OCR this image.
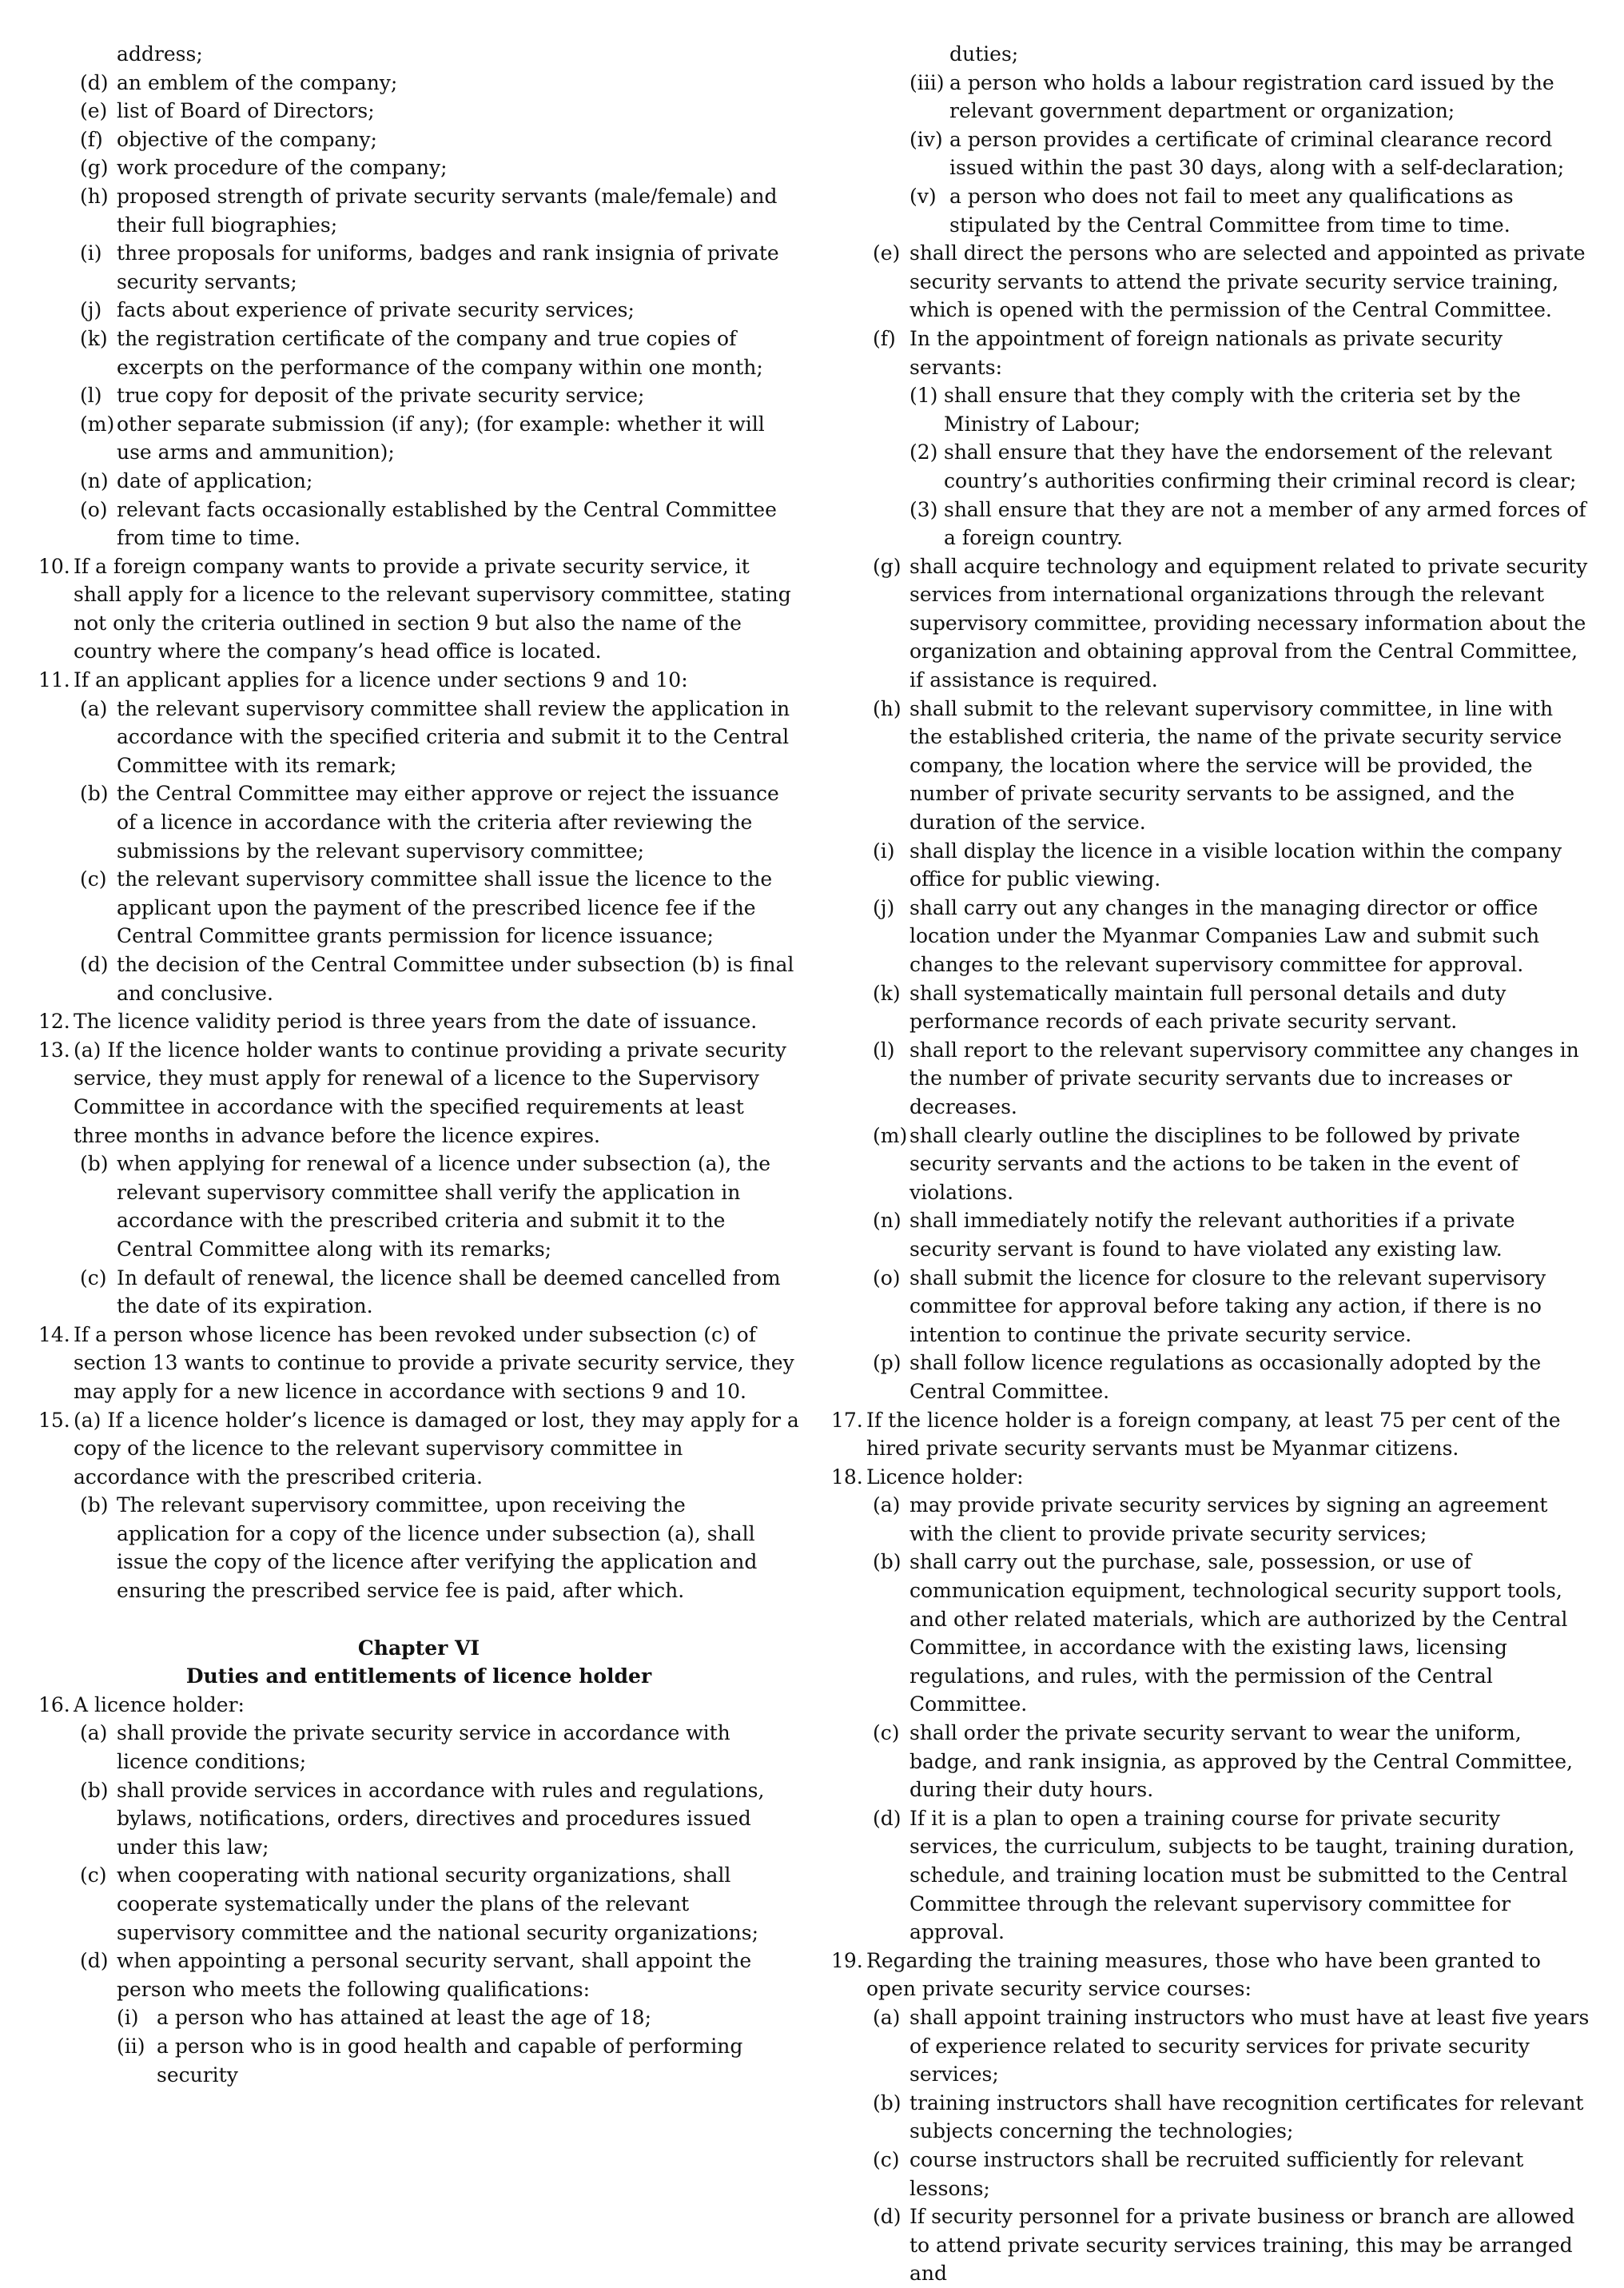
address;
(d) an emblem of the company;
(e) list of Board of Directors;
(f) objective of the company;
(g) work procedure of the company;
(h) proposed strength of private security servants (male/female) and their full biographies;
(i) three proposals for uniforms, badges and rank insignia of private security servants;
(j) facts about experience of private security services;
(k) the registration certificate of the company and true copies of excerpts on the performance of the company within one month;
(l) true copy for deposit of the private security service;
(m) other separate submission (if any); (for example: whether it will use arms and ammunition);
(n) date of application;
(o) relevant facts occasionally established by the Central Committee from time to time.
10. If a foreign company wants to provide a private security service, it shall apply for a licence to the relevant supervisory committee, stating not only the criteria outlined in section 9 but also the name of the country where the company’s head office is located.
11. If an applicant applies for a licence under sections 9 and 10:
(a) the relevant supervisory committee shall review the application in accordance with the specified criteria and submit it to the Central Committee with its remark;
(b) the Central Committee may either approve or reject the issuance of a licence in accordance with the criteria after reviewing the submissions by the relevant supervisory committee;
(c) the relevant supervisory committee shall issue the licence to the applicant upon the payment of the prescribed licence fee if the Central Committee grants permission for licence issuance;
(d) the decision of the Central Committee under subsection (b) is final and conclusive.
12. The licence validity period is three years from the date of issuance.
13. (a) If the licence holder wants to continue providing a private security service, they must apply for renewal of a licence to the Supervisory Committee in accordance with the specified requirements at least three months in advance before the licence expires.
(b) when applying for renewal of a licence under subsection (a), the relevant supervisory committee shall verify the application in accordance with the prescribed criteria and submit it to the Central Committee along with its remarks;
(c) In default of renewal, the licence shall be deemed cancelled from the date of its expiration.
14. If a person whose licence has been revoked under subsection (c) of section 13 wants to continue to provide a private security service, they may apply for a new licence in accordance with sections 9 and 10.
15. (a) If a licence holder’s licence is damaged or lost, they may apply for a copy of the licence to the relevant supervisory committee in accordance with the prescribed criteria.
(b) The relevant supervisory committee, upon receiving the application for a copy of the licence under subsection (a), shall issue the copy of the licence after verifying the application and ensuring the prescribed service fee is paid, after which.
Chapter VI
Duties and entitlements of licence holder
16. A licence holder:
(a) shall provide the private security service in accordance with licence conditions;
(b) shall provide services in accordance with rules and regulations, bylaws, notifications, orders, directives and procedures issued under this law;
(c) when cooperating with national security organizations, shall cooperate systematically under the plans of the relevant supervisory committee and the national security organizations;
(d) when appointing a personal security servant, shall appoint the person who meets the following qualifications:
(i) a person who has attained at least the age of 18;
(ii) a person who is in good health and capable of performing security
duties;
(iii) a person who holds a labour registration card issued by the relevant government department or organization;
(iv) a person provides a certificate of criminal clearance record issued within the past 30 days, along with a self-declaration;
(v) a person who does not fail to meet any qualifications as stipulated by the Central Committee from time to time.
(e) shall direct the persons who are selected and appointed as private security servants to attend the private security service training, which is opened with the permission of the Central Committee.
(f) In the appointment of foreign nationals as private security servants:
(1) shall ensure that they comply with the criteria set by the Ministry of Labour;
(2) shall ensure that they have the endorsement of the relevant country’s authorities confirming their criminal record is clear;
(3) shall ensure that they are not a member of any armed forces of a foreign country.
(g) shall acquire technology and equipment related to private security services from international organizations through the relevant supervisory committee, providing necessary information about the organization and obtaining approval from the Central Committee, if assistance is required.
(h) shall submit to the relevant supervisory committee, in line with the established criteria, the name of the private security service company, the location where the service will be provided, the number of private security servants to be assigned, and the duration of the service.
(i) shall display the licence in a visible location within the company office for public viewing.
(j) shall carry out any changes in the managing director or office location under the Myanmar Companies Law and submit such changes to the relevant supervisory committee for approval.
(k) shall systematically maintain full personal details and duty performance records of each private security servant.
(l) shall report to the relevant supervisory committee any changes in the number of private security servants due to increases or decreases.
(m) shall clearly outline the disciplines to be followed by private security servants and the actions to be taken in the event of violations.
(n) shall immediately notify the relevant authorities if a private security servant is found to have violated any existing law.
(o) shall submit the licence for closure to the relevant supervisory committee for approval before taking any action, if there is no intention to continue the private security service.
(p) shall follow licence regulations as occasionally adopted by the Central Committee.
17. If the licence holder is a foreign company, at least 75 per cent of the hired private security servants must be Myanmar citizens.
18. Licence holder:
(a) may provide private security services by signing an agreement with the client to provide private security services;
(b) shall carry out the purchase, sale, possession, or use of communication equipment, technological security support tools, and other related materials, which are authorized by the Central Committee, in accordance with the existing laws, licensing regulations, and rules, with the permission of the Central Committee.
(c) shall order the private security servant to wear the uniform, badge, and rank insignia, as approved by the Central Committee, during their duty hours.
(d) If it is a plan to open a training course for private security services, the curriculum, subjects to be taught, training duration, schedule, and training location must be submitted to the Central Committee through the relevant supervisory committee for approval.
19. Regarding the training measures, those who have been granted to open private security service courses:
(a) shall appoint training instructors who must have at least five years of experience related to security services for private security services;
(b) training instructors shall have recognition certificates for relevant subjects concerning the technologies;
(c) course instructors shall be recruited sufficiently for relevant lessons;
(d) If security personnel for a private business or branch are allowed to attend private security services training, this may be arranged and
